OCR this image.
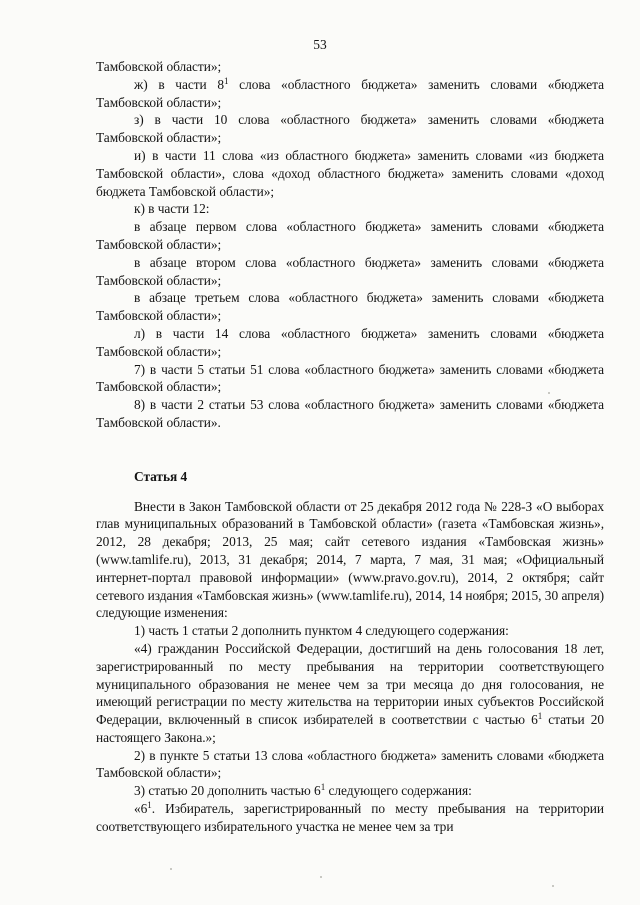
53

Тамбовской области»;

ж) в части $8^1$ слова «областного бюджета» заменить словами «бюджета Тамбовской области»;

з) в части 10 слова «областного бюджета» заменить словами «бюджета Тамбовской области»;

и) в части 11 слова «из областного бюджета» заменить словами «из бюджета Тамбовской области», слова «доход областного бюджета» заменить словами «доход бюджета Тамбовской области»;

к) в части 12:

в абзаце первом слова «областного бюджета» заменить словами «бюджета Тамбовской области»;

в абзаце втором слова «областного бюджета» заменить словами «бюджета Тамбовской области»;

в абзаце третьем слова «областного бюджета» заменить словами «бюджета Тамбовской области»;

л) в части 14 слова «областного бюджета» заменить словами «бюджета Тамбовской области»;

7) в части 5 статьи 51 слова «областного бюджета» заменить словами «бюджета Тамбовской области»;

8) в части 2 статьи 53 слова «областного бюджета» заменить словами «бюджета Тамбовской области».

Статья 4

Внести в Закон Тамбовской области от 25 декабря 2012 года № 228-З «О выборах глав муниципальных образований в Тамбовской области» (газета «Тамбовская жизнь», 2012, 28 декабря; 2013, 25 мая; сайт сетевого издания «Тамбовская жизнь» (www.tamlife.ru), 2013, 31 декабря; 2014, 7 марта, 7 мая, 31 мая; «Официальный интернет-портал правовой информации» (www.pravo.gov.ru), 2014, 2 октября; сайт сетевого издания «Тамбовская жизнь» (www.tamlife.ru), 2014, 14 ноября; 2015, 30 апреля) следующие изменения:

1) часть 1 статьи 2 дополнить пунктом 4 следующего содержания:

«4) гражданин Российской Федерации, достигший на день голосования 18 лет, зарегистрированный по месту пребывания на территории соответствующего муниципального образования не менее чем за три месяца до дня голосования, не имеющий регистрации по месту жительства на территории иных субъектов Российской Федерации, включенный в список избирателей в соответствии с частью $6^1$ статьи 20 настоящего Закона.»;

2) в пункте 5 статьи 13 слова «областного бюджета» заменить словами «бюджета Тамбовской области»;

3) статью 20 дополнить частью $6^1$ следующего содержания:

«$6^1$. Избиратель, зарегистрированный по месту пребывания на территории соответствующего избирательного участка не менее чем за три
